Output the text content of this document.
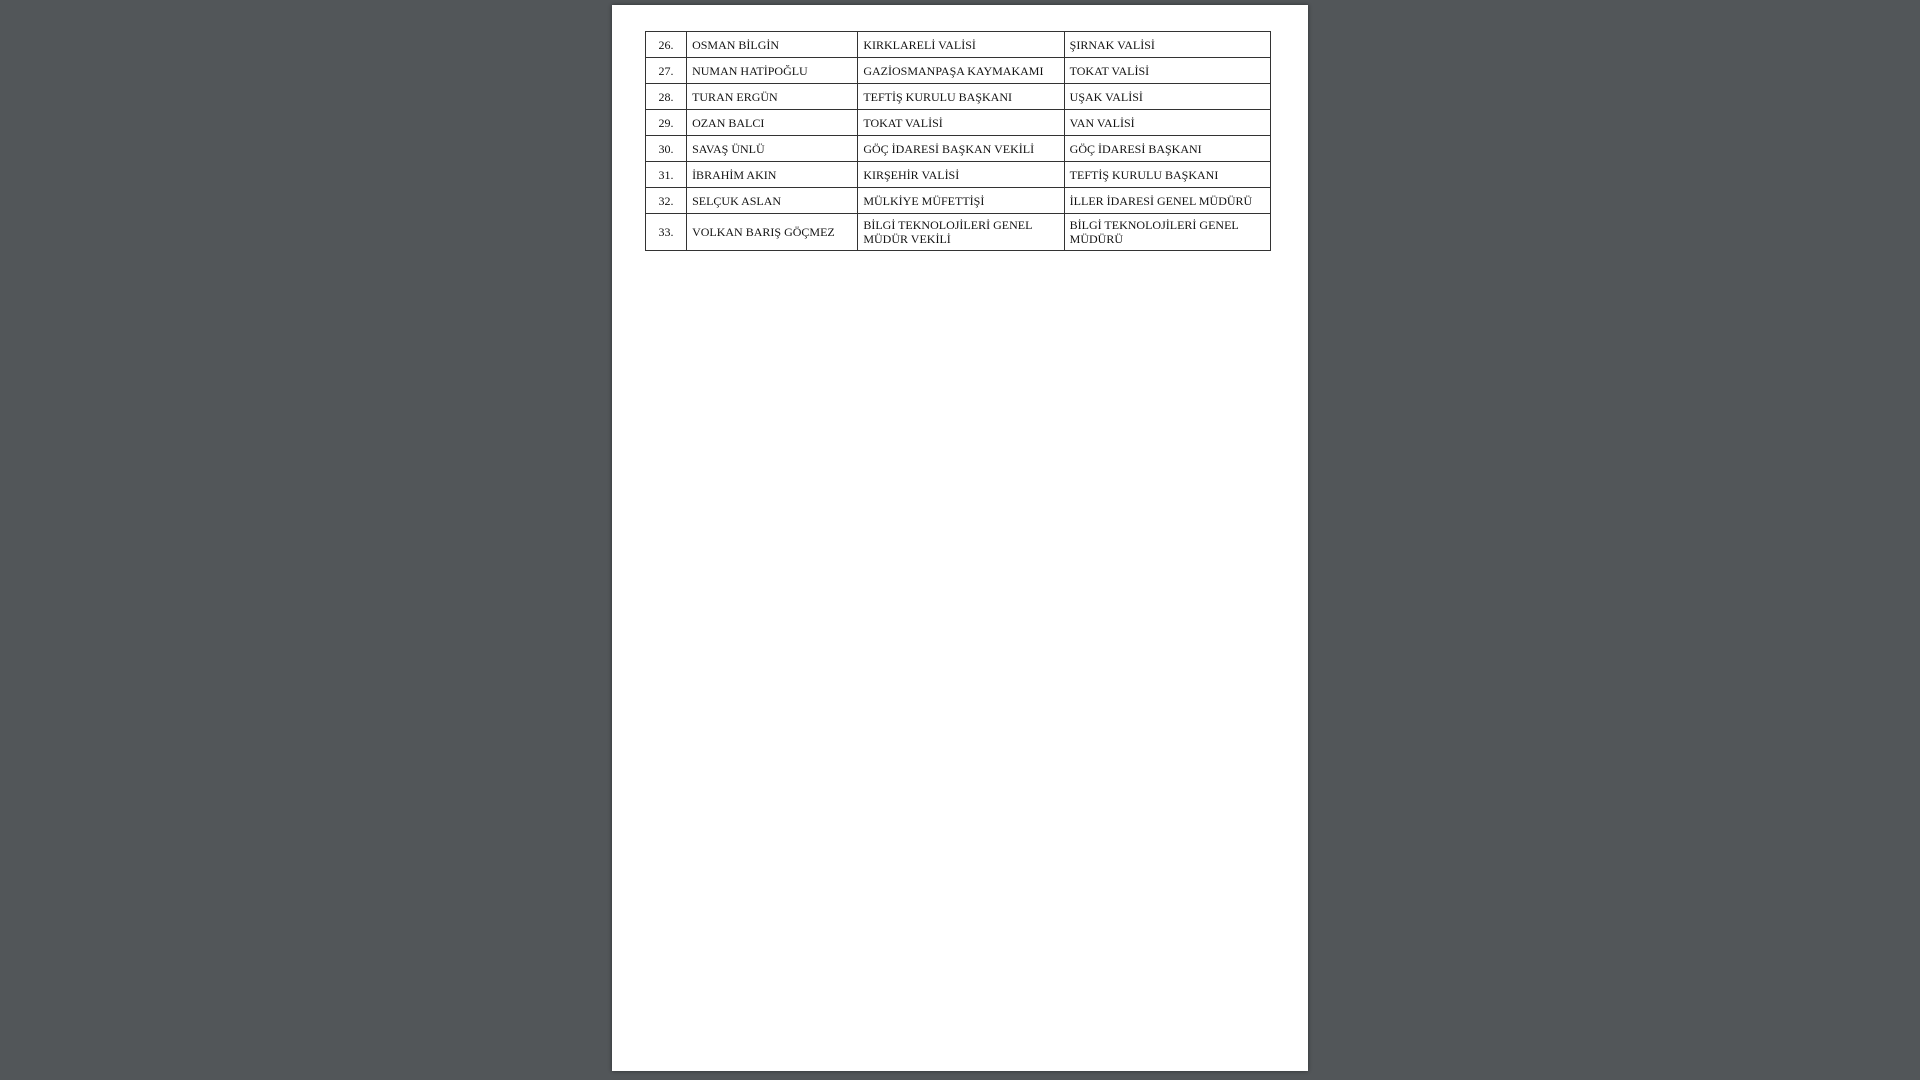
26.	OSMAN BİLGİN	KIRKLARELİ VALİSİ	ŞIRNAK VALİSİ
27.	NUMAN HATİPOĞLU	GAZİOSMANPAŞA KAYMAKAMI	TOKAT VALİSİ
28.	TURAN ERGÜN	TEFTİŞ KURULU BAŞKANI	UŞAK VALİSİ
29.	OZAN BALCI	TOKAT VALİSİ	VAN VALİSİ
30.	SAVAŞ ÜNLÜ	GÖÇ İDARESİ BAŞKAN VEKİLİ	GÖÇ İDARESİ BAŞKANI
31.	İBRAHİM AKIN	KIRŞEHİR VALİSİ	TEFTİŞ KURULU BAŞKANI
32.	SELÇUK ASLAN	MÜLKİYE MÜFETTİŞİ	İLLER İDARESİ GENEL MÜDÜRÜ
33.	VOLKAN BARIŞ GÖÇMEZ	BİLGİ TEKNOLOJİLERİ GENEL MÜDÜR VEKİLİ	BİLGİ TEKNOLOJİLERİ GENEL MÜDÜRÜ
